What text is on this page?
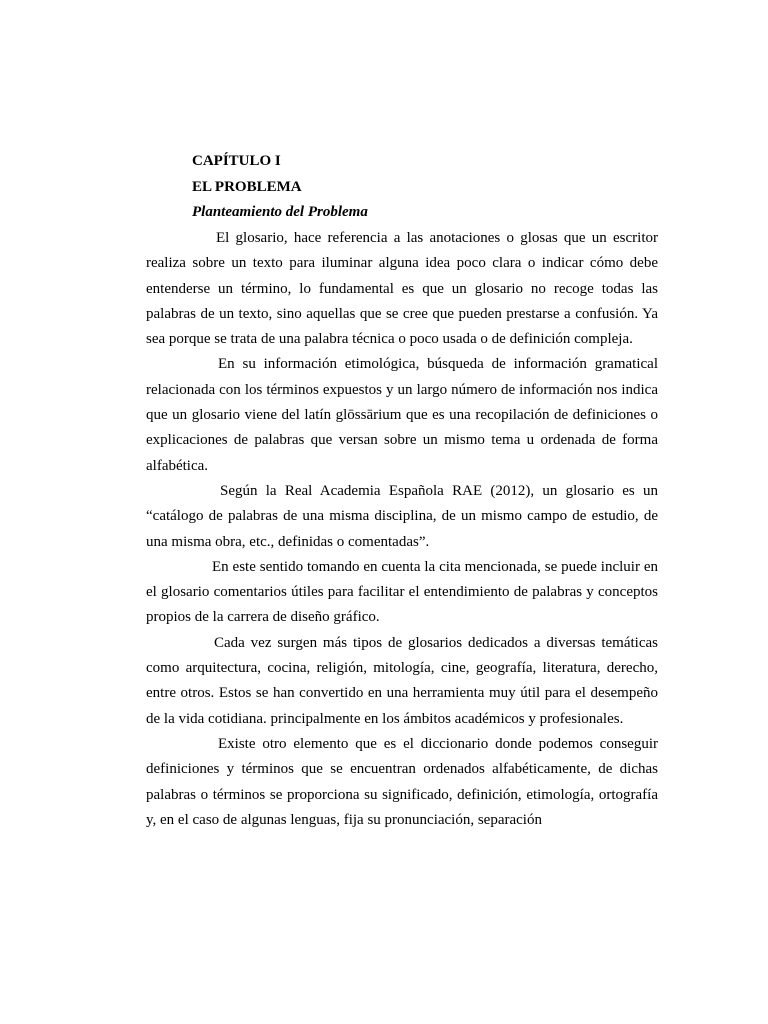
CAPÍTULO I
EL PROBLEMA
Planteamiento del Problema

El glosario, hace referencia a las anotaciones o glosas que un escritor realiza sobre un texto para iluminar alguna idea poco clara o indicar cómo debe entenderse un término, lo fundamental es que un glosario no recoge todas las palabras de un texto, sino aquellas que se cree que pueden prestarse a confusión. Ya sea porque se trata de una palabra técnica o poco usada o de definición compleja.

En su información etimológica, búsqueda de información gramatical relacionada con los términos expuestos y un largo número de información nos indica que un glosario viene del latín glōssārium que es una recopilación de definiciones o explicaciones de palabras que versan sobre un mismo tema u ordenada de forma alfabética.

Según la Real Academia Española RAE (2012), un glosario es un “catálogo de palabras de una misma disciplina, de un mismo campo de estudio, de una misma obra, etc., definidas o comentadas”.

En este sentido tomando en cuenta la cita mencionada, se puede incluir en el glosario comentarios útiles para facilitar el entendimiento de palabras y conceptos propios de la carrera de diseño gráfico.

Cada vez surgen más tipos de glosarios dedicados a diversas temáticas como arquitectura, cocina, religión, mitología, cine, geografía, literatura, derecho, entre otros. Estos se han convertido en una herramienta muy útil para el desempeño de la vida cotidiana. principalmente en los ámbitos académicos y profesionales.

Existe otro elemento que es el diccionario donde podemos conseguir definiciones y términos que se encuentran ordenados alfabéticamente, de dichas palabras o términos se proporciona su significado, definición, etimología, ortografía y, en el caso de algunas lenguas, fija su pronunciación, separación
